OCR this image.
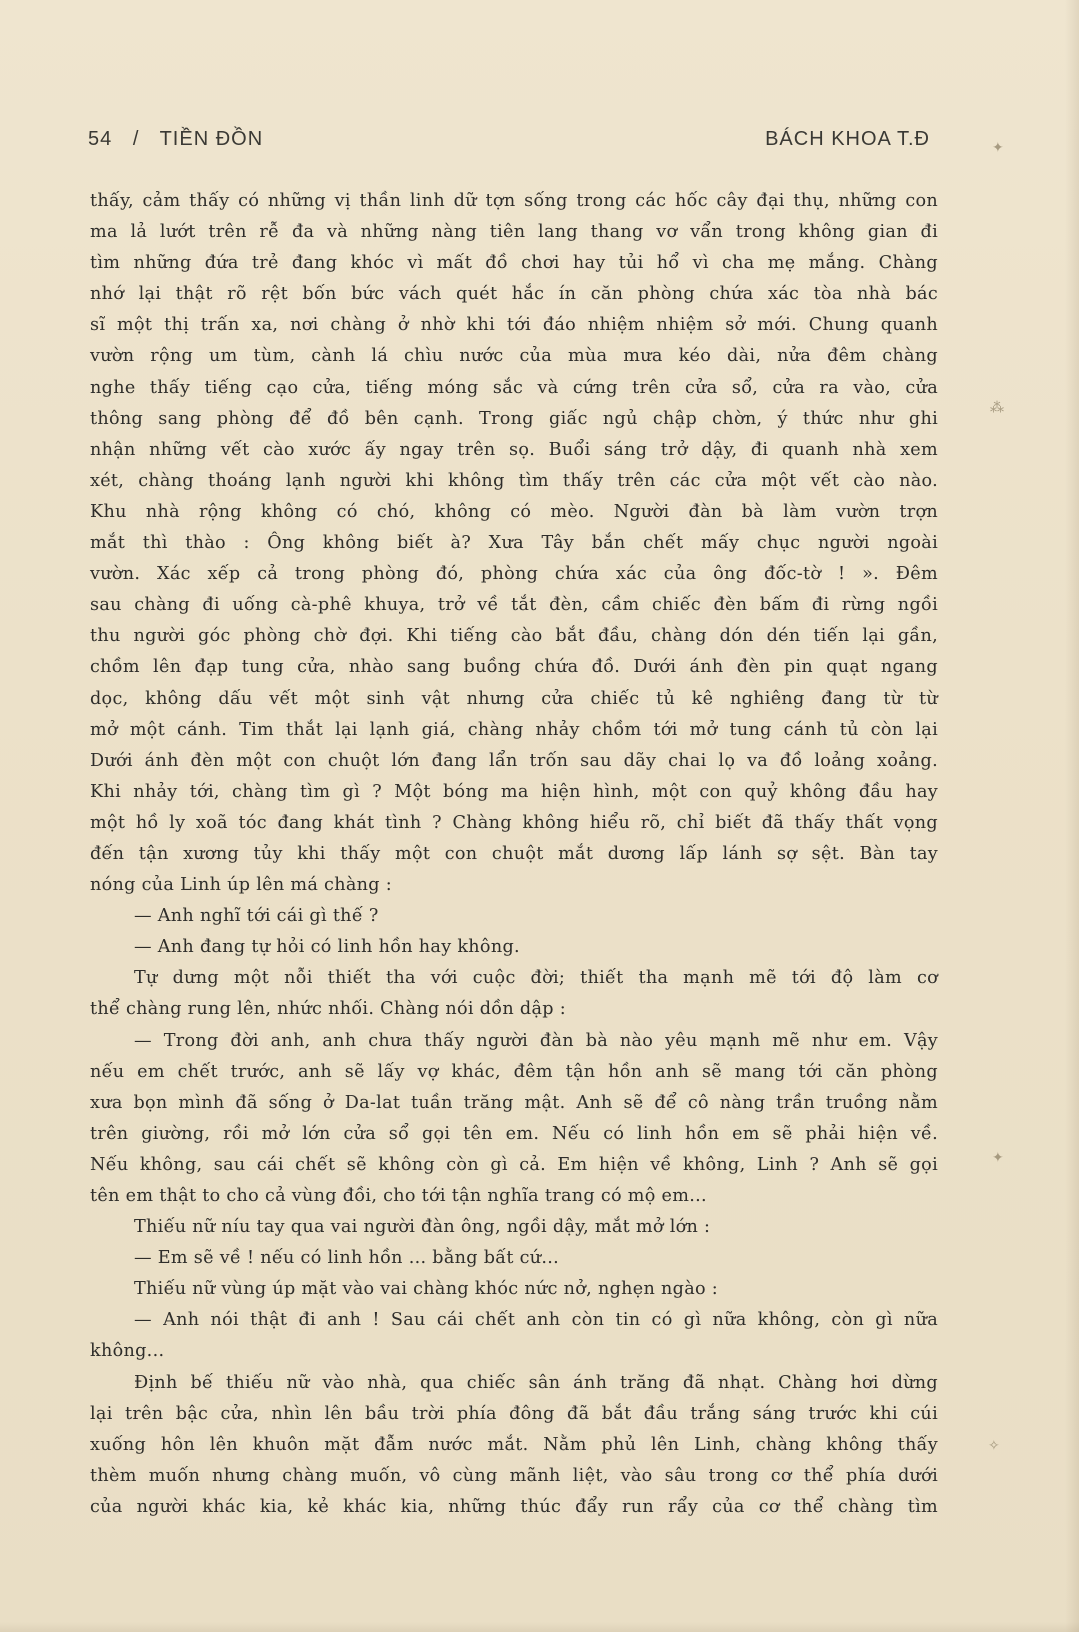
54 / TIỀN ĐỒN	BÁCH KHOA T.Đ
thấy, cảm thấy có những vị thần linh dữ tợn sống trong các hốc cây đại thụ, những con
ma lả lướt trên rễ đa và những nàng tiên lang thang vơ vẩn trong không gian đi
tìm những đứa trẻ đang khóc vì mất đồ chơi hay tủi hổ vì cha mẹ mắng. Chàng
nhớ lại thật rõ rệt bốn bức vách quét hắc ín căn phòng chứa xác tòa nhà bác
sĩ một thị trấn xa, nơi chàng ở nhờ khi tới đáo nhiệm nhiệm sở mới. Chung quanh
vườn rộng um tùm, cành lá chìu nước của mùa mưa kéo dài, nửa đêm chàng
nghe thấy tiếng cạo cửa, tiếng móng sắc và cứng trên cửa sổ, cửa ra vào, cửa
thông sang phòng để đồ bên cạnh. Trong giấc ngủ chập chờn, ý thức như ghi
nhận những vết cào xước ấy ngay trên sọ. Buổi sáng trở dậy, đi quanh nhà xem
xét, chàng thoáng lạnh người khi không tìm thấy trên các cửa một vết cào nào.
Khu nhà rộng không có chó, không có mèo. Người đàn bà làm vườn trợn
mắt thì thào : Ông không biết à? Xưa Tây bắn chết mấy chục người ngoài
vườn. Xác xếp cả trong phòng đó, phòng chứa xác của ông đốc-tờ ! ». Đêm
sau chàng đi uống cà-phê khuya, trở về tắt đèn, cầm chiếc đèn bấm đi rừng ngồi
thu người góc phòng chờ đợi. Khi tiếng cào bắt đầu, chàng dón dén tiến lại gần,
chồm lên đạp tung cửa, nhào sang buồng chứa đồ. Dưới ánh đèn pin quạt ngang
dọc, không dấu vết một sinh vật nhưng cửa chiếc tủ kê nghiêng đang từ từ
mở một cánh. Tim thắt lại lạnh giá, chàng nhảy chồm tới mở tung cánh tủ còn lại
Dưới ánh đèn một con chuột lớn đang lẩn trốn sau dãy chai lọ va đồ loảng xoảng.
Khi nhảy tới, chàng tìm gì ? Một bóng ma hiện hình, một con quỷ không đầu hay
một hồ ly xoã tóc đang khát tình ? Chàng không hiểu rõ, chỉ biết đã thấy thất vọng
đến tận xương tủy khi thấy một con chuột mắt dương lấp lánh sợ sệt. Bàn tay
nóng của Linh úp lên má chàng :
— Anh nghĩ tới cái gì thế ?
— Anh đang tự hỏi có linh hồn hay không.
Tự dưng một nỗi thiết tha với cuộc đời; thiết tha mạnh mẽ tới độ làm cơ
thể chàng rung lên, nhức nhối. Chàng nói dồn dập :
— Trong đời anh, anh chưa thấy người đàn bà nào yêu mạnh mẽ như em. Vậy
nếu em chết trước, anh sẽ lấy vợ khác, đêm tận hồn anh sẽ mang tới căn phòng
xưa bọn mình đã sống ở Da-lat tuần trăng mật. Anh sẽ để cô nàng trần truồng nằm
trên giường, rồi mở lớn cửa sổ gọi tên em. Nếu có linh hồn em sẽ phải hiện về.
Nếu không, sau cái chết sẽ không còn gì cả. Em hiện về không, Linh ? Anh sẽ gọi
tên em thật to cho cả vùng đồi, cho tới tận nghĩa trang có mộ em...
Thiếu nữ níu tay qua vai người đàn ông, ngồi dậy, mắt mở lớn :
— Em sẽ về ! nếu có linh hồn ... bằng bất cứ...
Thiếu nữ vùng úp mặt vào vai chàng khóc nức nở, nghẹn ngào :
— Anh nói thật đi anh ! Sau cái chết anh còn tin có gì nữa không, còn gì nữa
không...
Định bế thiếu nữ vào nhà, qua chiếc sân ánh trăng đã nhạt. Chàng hơi dừng
lại trên bậc cửa, nhìn lên bầu trời phía đông đã bắt đầu trắng sáng trước khi cúi
xuống hôn lên khuôn mặt đẫm nước mắt. Nằm phủ lên Linh, chàng không thấy
thèm muốn nhưng chàng muốn, vô cùng mãnh liệt, vào sâu trong cơ thể phía dưới
của người khác kia, kẻ khác kia, những thúc đẩy run rẩy của cơ thể chàng tìm
✦
⁂
✦
✧
